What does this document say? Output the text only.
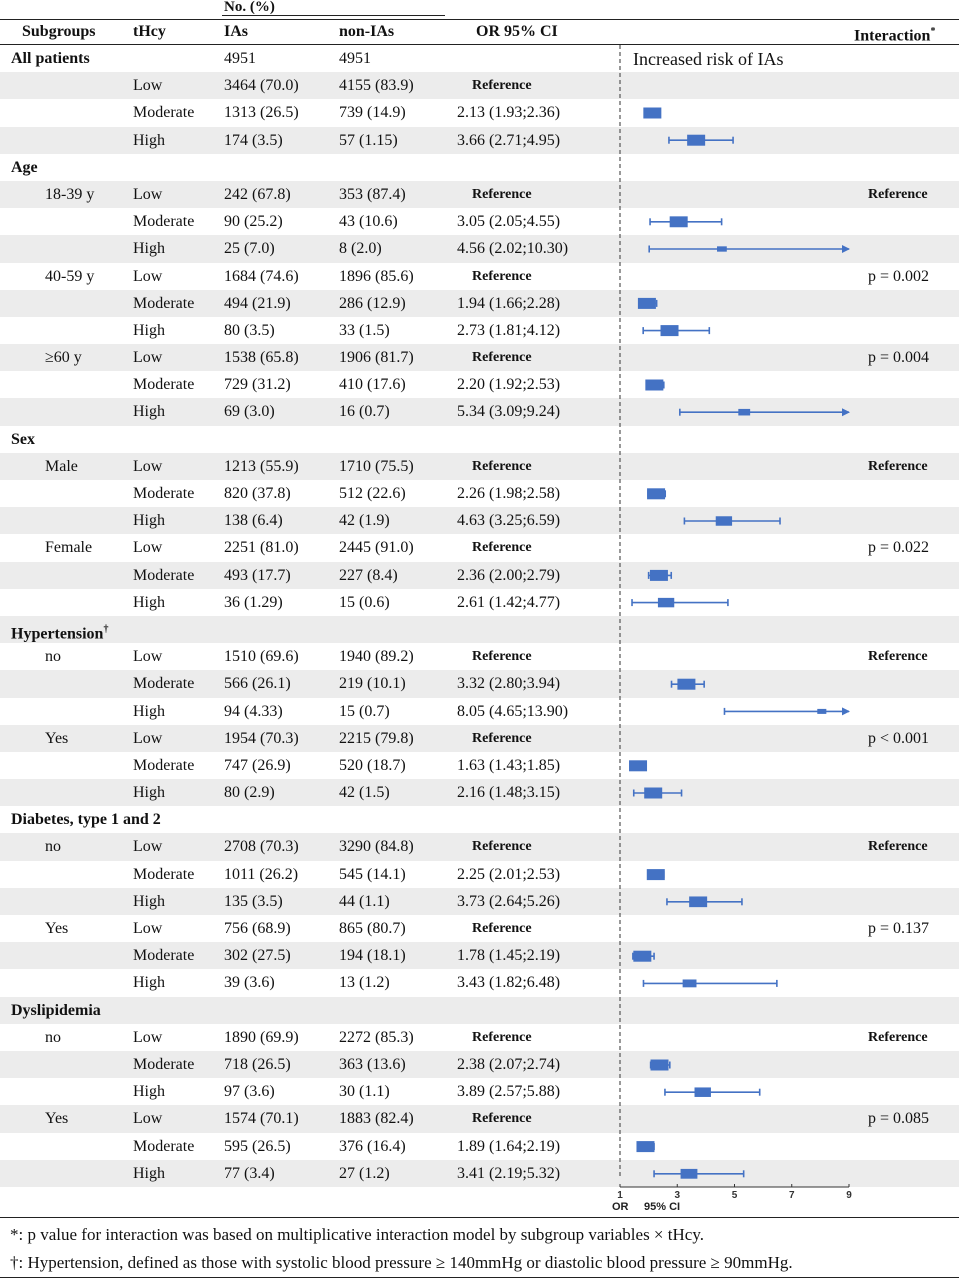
No. (%)
Subgroups tHcy	IAs	non-IAs	OR 95% CI	Interaction*
All patients	4951	4951
Low	3464 (70.0)	4155 (83.9)	Reference
Moderate 1313 (26.5)	739 (14.9)	2.13 (1.93;2.36)
High	174 (3.5)	57 (1.15)	3.66 (2.71;4.95)
Age
18-39 y Low	242 (67.8)	353 (87.4)	Reference	Reference
Moderate 90 (25.2)	43 (10.6)	3.05 (2.05;4.55)
High	25 (7.0)	8 (2.0)	4.56 (2.02;10.30)
40-59 y Low	1684 (74.6)	1896 (85.6)	Reference	p = 0.002
Moderate 494 (21.9)	286 (12.9)	1.94 (1.66;2.28)
High	80 (3.5)	33 (1.5)	2.73 (1.81;4.12)
≥60 y	Low	1538 (65.8)	1906 (81.7)	Reference	p = 0.004
Moderate 729 (31.2)	410 (17.6)	2.20 (1.92;2.53)
High	69 (3.0)	16 (0.7)	5.34 (3.09;9.24)
Sex
Male	Low	1213 (55.9)	1710 (75.5)	Reference	Reference
Moderate 820 (37.8)	512 (22.6)	2.26 (1.98;2.58)
High	138 (6.4)	42 (1.9)	4.63 (3.25;6.59)
Female	Low	2251 (81.0)	2445 (91.0)	Reference	p = 0.022
Moderate 493 (17.7)	227 (8.4)	2.36 (2.00;2.79)
High	36 (1.29)	15 (0.6)	2.61 (1.42;4.77)
Hypertension†
no	Low	1510 (69.6)	1940 (89.2)	Reference	Reference
Moderate 566 (26.1)	219 (10.1)	3.32 (2.80;3.94)
High	94 (4.33)	15 (0.7)	8.05 (4.65;13.90)
Yes	Low	1954 (70.3)	2215 (79.8)	Reference	p < 0.001
Moderate 747 (26.9)	520 (18.7)	1.63 (1.43;1.85)
High	80 (2.9)	42 (1.5)	2.16 (1.48;3.15)
Diabetes, type 1 and 2
no	Low	2708 (70.3)	3290 (84.8)	Reference	Reference
Moderate 1011 (26.2)	545 (14.1)	2.25 (2.01;2.53)
High	135 (3.5)	44 (1.1)	3.73 (2.64;5.26)
Yes	Low	756 (68.9)	865 (80.7)	Reference	p = 0.137
Moderate 302 (27.5)	194 (18.1)	1.78 (1.45;2.19)
High	39 (3.6)	13 (1.2)	3.43 (1.82;6.48)
Dyslipidemia
no	Low	1890 (69.9)	2272 (85.3)	Reference	Reference
Moderate 718 (26.5)	363 (13.6)	2.38 (2.07;2.74)
High	97 (3.6)	30 (1.1)	3.89 (2.57;5.88)
Yes	Low	1574 (70.1)	1883 (82.4)	Reference	p = 0.085
Moderate 595 (26.5)	376 (16.4)	1.89 (1.64;2.19)
High	77 (3.4)	27 (1.2)	3.41 (2.19;5.32)
Increased risk of IAs
1	3	5	7	9
OR 95% CI
*: p value for interaction was based on multiplicative interaction model by subgroup variables × tHcy.
†: Hypertension, defined as those with systolic blood pressure ≥ 140mmHg or diastolic blood pressure ≥ 90mmHg.
